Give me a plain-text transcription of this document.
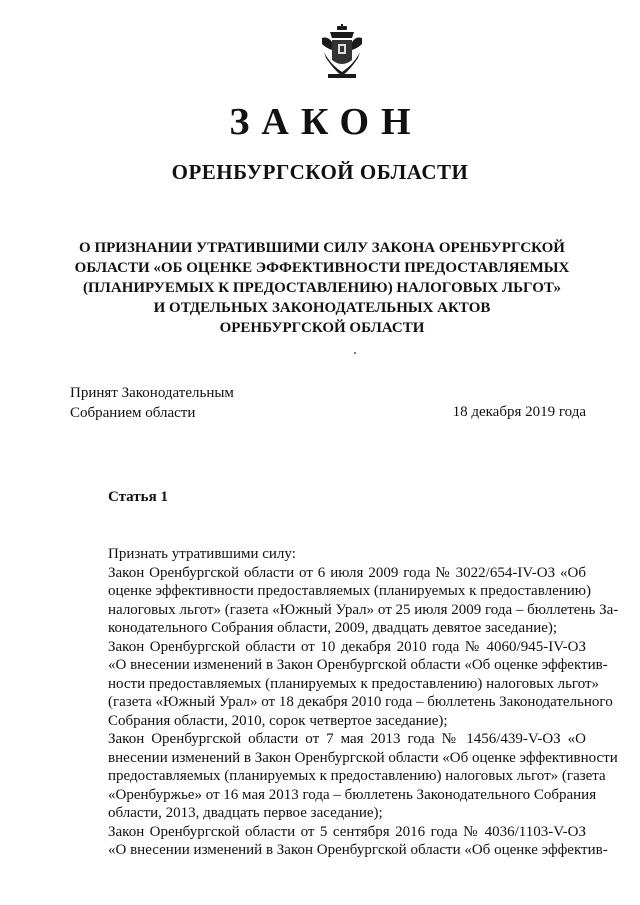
ЗАКОН
ОРЕНБУРГСКОЙ ОБЛАСТИ
О ПРИЗНАНИИ УТРАТИВШИМИ СИЛУ ЗАКОНА ОРЕНБУРГСКОЙ
ОБЛАСТИ «ОБ ОЦЕНКЕ ЭФФЕКТИВНОСТИ ПРЕДОСТАВЛЯЕМЫХ
(ПЛАНИРУЕМЫХ К ПРЕДОСТАВЛЕНИЮ) НАЛОГОВЫХ ЛЬГОТ»
И ОТДЕЛЬНЫХ ЗАКОНОДАТЕЛЬНЫХ АКТОВ
ОРЕНБУРГСКОЙ ОБЛАСТИ
Принят Законодательным
Собранием области	18 декабря 2019 года
Статья 1

Признать утратившими силу:

Закон Оренбургской области от 6 июля 2009 года № 3022/654-IV-ОЗ «Об
оценке эффективности предоставляемых (планируемых к предоставлению)
налоговых льгот» (газета «Южный Урал» от 25 июля 2009 года – бюллетень За-
конодательного Собрания области, 2009, двадцать девятое заседание);

Закон Оренбургской области от 10 декабря 2010 года № 4060/945-IV-ОЗ
«О внесении изменений в Закон Оренбургской области «Об оценке эффектив-
ности предоставляемых (планируемых к предоставлению) налоговых льгот»
(газета «Южный Урал» от 18 декабря 2010 года – бюллетень Законодательного
Собрания области, 2010, сорок четвертое заседание);

Закон Оренбургской области от 7 мая 2013 года № 1456/439-V-ОЗ «О
внесении изменений в Закон Оренбургской области «Об оценке эффективности
предоставляемых (планируемых к предоставлению) налоговых льгот» (газета
«Оренбуржье» от 16 мая 2013 года – бюллетень Законодательного Собрания
области, 2013, двадцать первое заседание);

Закон Оренбургской области от 5 сентября 2016 года № 4036/1103-V-ОЗ
«О внесении изменений в Закон Оренбургской области «Об оценке эффектив-
